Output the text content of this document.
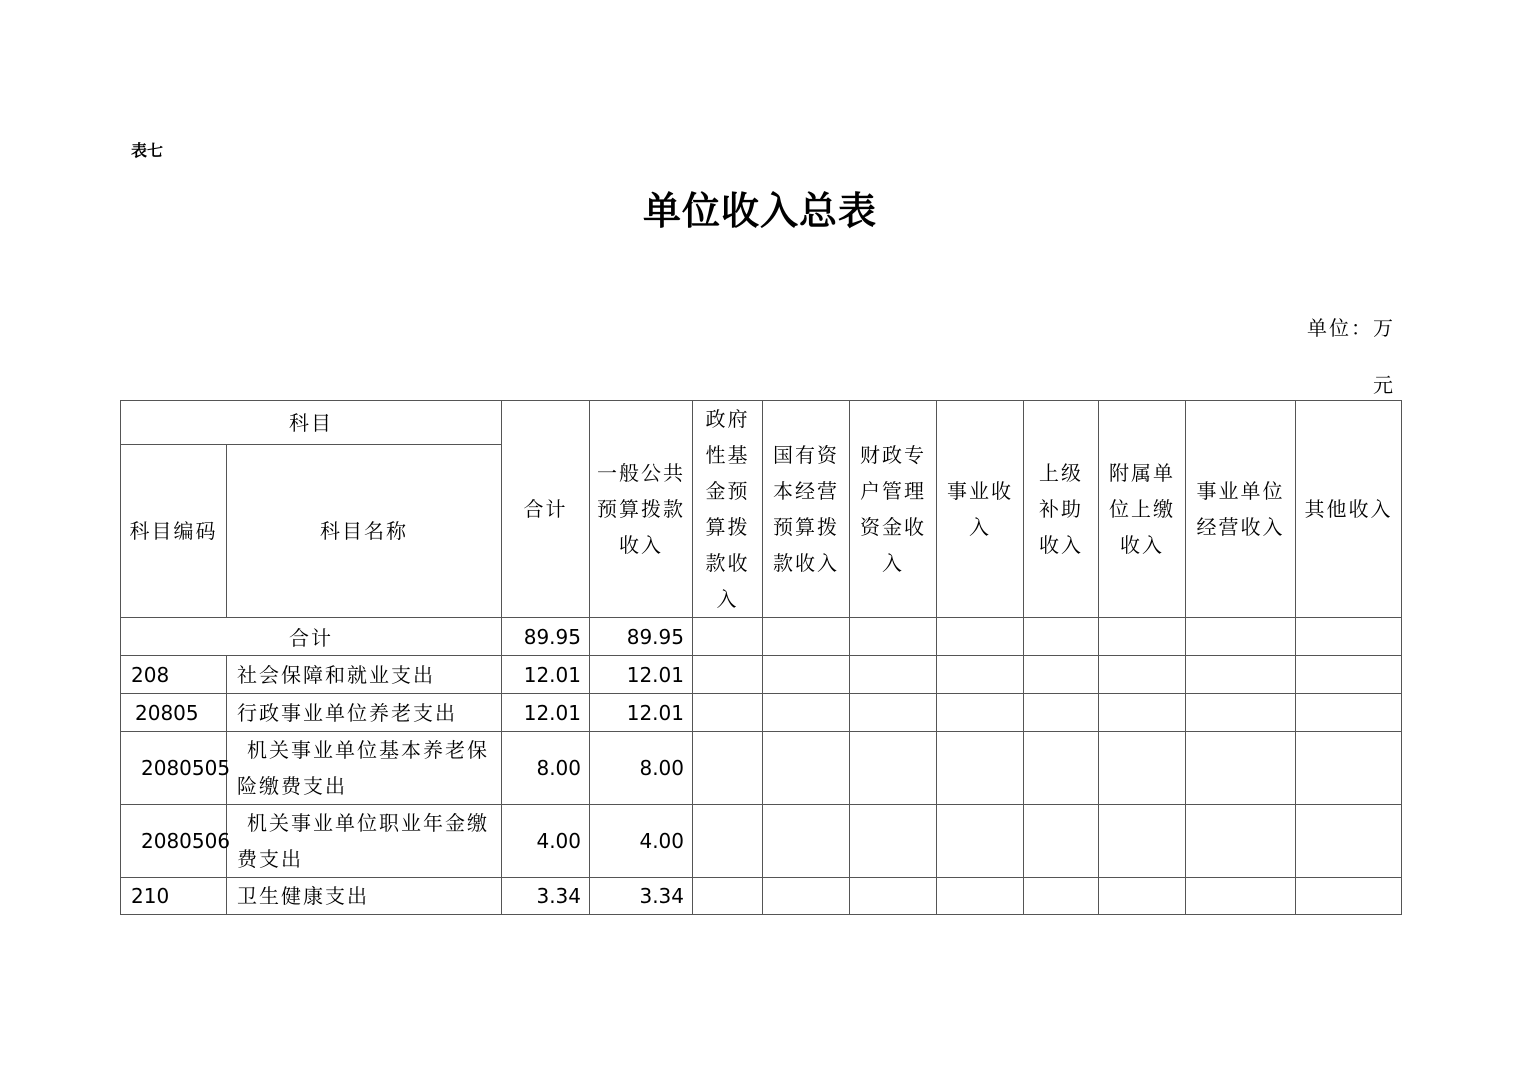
表七
单位收入总表
单位：万元
科目		合计	一般公共预算拨款收入	政府性基金预算拨款收入	国有资本经营预算拨款收入	财政专户管理资金收入	事业收入	上级补助收入	附属单位上缴收入	事业单位经营收入	其他收入
科目编码	科目名称										
合计		89.95	89.95								
208	社会保障和就业支出	12.01	12.01								
20805	行政事业单位养老支出	12.01	12.01								
2080505	机关事业单位基本养老保险缴费支出	8.00	8.00								
2080506	机关事业单位职业年金缴费支出	4.00	4.00								
210	卫生健康支出	3.34	3.34								
